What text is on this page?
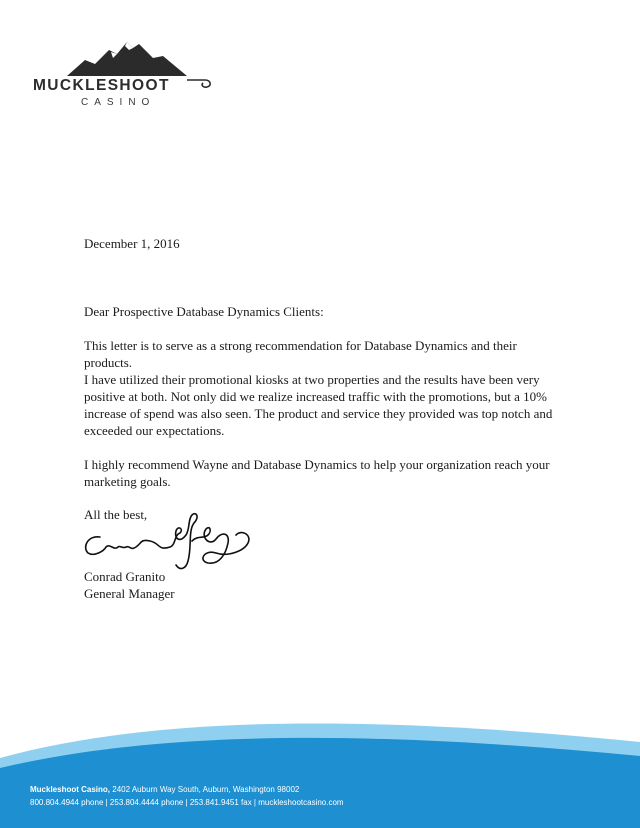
MUCKLESHOOT
CASINO

December 1, 2016

Dear Prospective Database Dynamics Clients:

This letter is to serve as a strong recommendation for Database Dynamics and their products.

I have utilized their promotional kiosks at two properties and the results have been very positive at both. Not only did we realize increased traffic with the promotions, but a 10% increase of spend was also seen. The product and service they provided was top notch and exceeded our expectations.

I highly recommend Wayne and Database Dynamics to help your organization reach your marketing goals.

All the best,

Conrad Granito

General Manager

Muckleshoot Casino, 2402 Auburn Way South, Auburn, Washington 98002
800.804.4944 phone | 253.804.4444 phone | 253.841.9451 fax | muckleshootcasino.com
